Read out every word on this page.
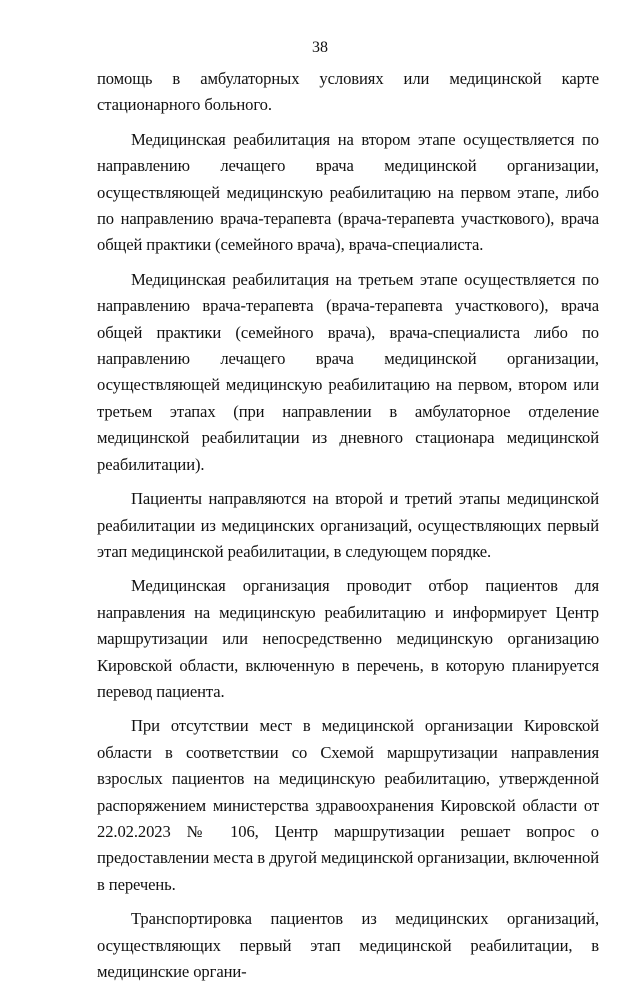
38

помощь в амбулаторных условиях или медицинской карте стационарного больного.

Медицинская реабилитация на втором этапе осуществляется по направлению лечащего врача медицинской организации, осуществляющей медицинскую реабилитацию на первом этапе, либо по направлению врача-терапевта (врача-терапевта участкового), врача общей практики (семейного врача), врача-специалиста.

Медицинская реабилитация на третьем этапе осуществляется по направлению врача-терапевта (врача-терапевта участкового), врача общей практики (семейного врача), врача-специалиста либо по направлению лечащего врача медицинской организации, осуществляющей медицинскую реабилитацию на первом, втором или третьем этапах (при направлении в амбулаторное отделение медицинской реабилитации из дневного стационара медицинской реабилитации).

Пациенты направляются на второй и третий этапы медицинской реабилитации из медицинских организаций, осуществляющих первый этап медицинской реабилитации, в следующем порядке.

Медицинская организация проводит отбор пациентов для направления на медицинскую реабилитацию и информирует Центр маршрутизации или непосредственно медицинскую организацию Кировской области, включенную в перечень, в которую планируется перевод пациента.

При отсутствии мест в медицинской организации Кировской области в соответствии со Схемой маршрутизации направления взрослых пациентов на медицинскую реабилитацию, утвержденной распоряжением министерства здравоохранения Кировской области от 22.02.2023 № 106, Центр маршрутизации решает вопрос о предоставлении места в другой медицинской организации, включенной в перечень.

Транспортировка пациентов из медицинских организаций, осуществляющих первый этап медицинской реабилитации, в медицинские органи-
